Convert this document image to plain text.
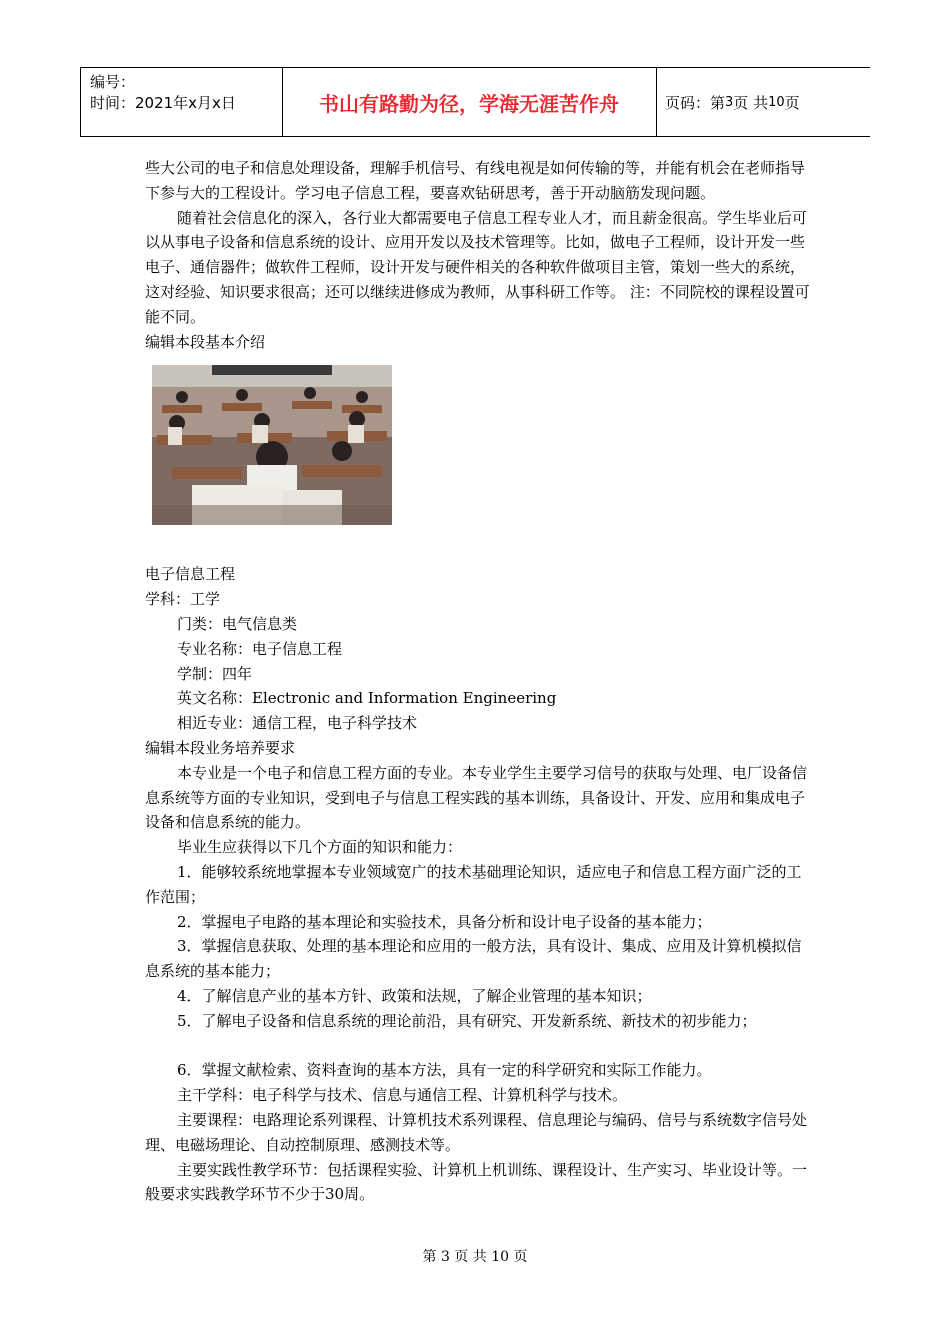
编号：
时间：2021年x月x日	书山有路勤为径，学海无涯苦作舟	页码：第 3 页 共 10 页

些大公司的电子和信息处理设备，理解手机信号、有线电视是如何传输的等，并能有机会在老师指导下参与大的工程设计。学习电子信息工程，要喜欢钻研思考，善于开动脑筋发现问题。

随着社会信息化的深入，各行业大都需要电子信息工程专业人才，而且薪金很高。学生毕业后可以从事电子设备和信息系统的设计、应用开发以及技术管理等。比如，做电子工程师，设计开发一些电子、通信器件；做软件工程师，设计开发与硬件相关的各种软件做项目主管，策划一些大的系统，这对经验、知识要求很高；还可以继续进修成为教师，从事科研工作等。 注：不同院校的课程设置可能不同。

编辑本段基本介绍

电子信息工程

学科：工学

门类：电气信息类

专业名称：电子信息工程

学制：四年

英文名称：Electronic and Information Engineering

相近专业：通信工程，电子科学技术

编辑本段业务培养要求

本专业是一个电子和信息工程方面的专业。本专业学生主要学习信号的获取与处理、电厂设备信息系统等方面的专业知识，受到电子与信息工程实践的基本训练，具备设计、开发、应用和集成电子设备和信息系统的能力。

毕业生应获得以下几个方面的知识和能力：

1．能够较系统地掌握本专业领域宽广的技术基础理论知识，适应电子和信息工程方面广泛的工作范围；

2．掌握电子电路的基本理论和实验技术，具备分析和设计电子设备的基本能力；

3．掌握信息获取、处理的基本理论和应用的一般方法，具有设计、集成、应用及计算机模拟信息系统的基本能力；

4．了解信息产业的基本方针、政策和法规，了解企业管理的基本知识；

5．了解电子设备和信息系统的理论前沿，具有研究、开发新系统、新技术的初步能力；

6．掌握文献检索、资料查询的基本方法，具有一定的科学研究和实际工作能力。

主干学科：电子科学与技术、信息与通信工程、计算机科学与技术。

主要课程：电路理论系列课程、计算机技术系列课程、信息理论与编码、信号与系统数字信号处理、电磁场理论、自动控制原理、感测技术等。

主要实践性教学环节：包括课程实验、计算机上机训练、课程设计、生产实习、毕业设计等。一般要求实践教学环节不少于30周。

第 3 页 共 10 页
